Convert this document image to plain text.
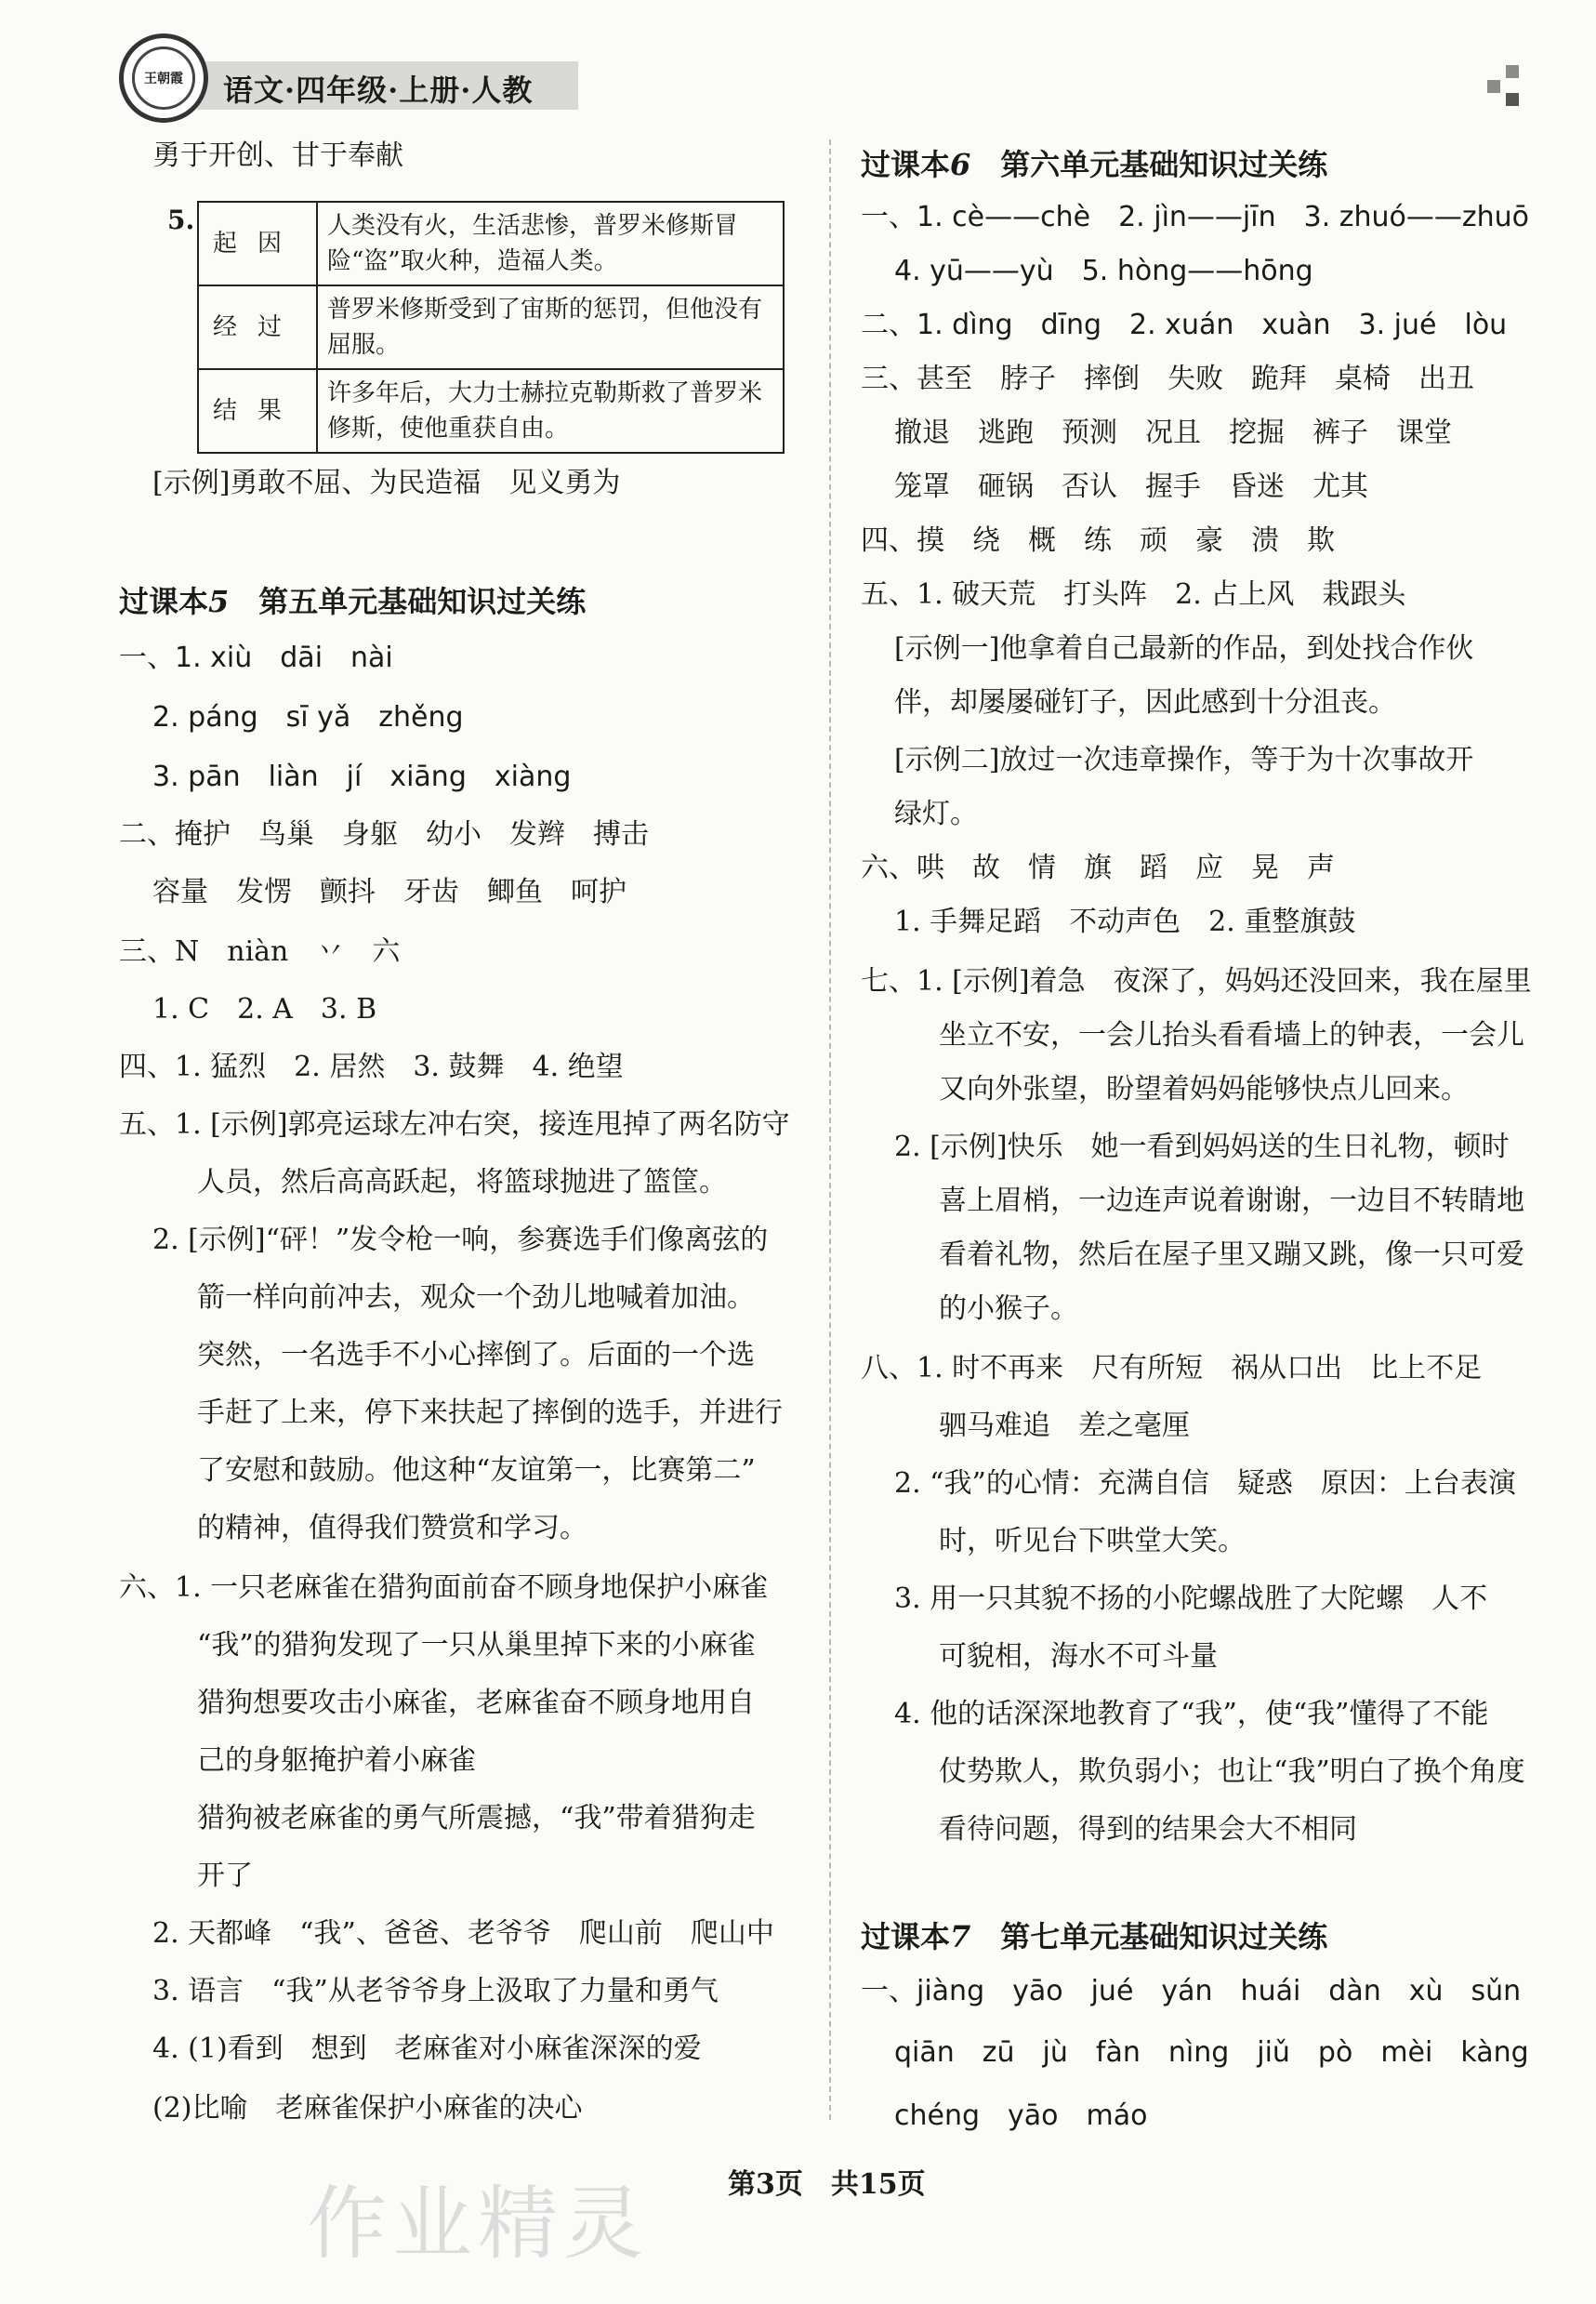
王朝霞 语文·四年级·上册·人教
勇于开创、甘于奉献
5.
起因	人类没有火，生活悲惨，普罗米修斯冒险“盗”取火种，造福人类。
经过	普罗米修斯受到了宙斯的惩罚，但他没有屈服。
结果	许多年后，大力士赫拉克勒斯救了普罗米修斯，使他重获自由。
[示例]勇敢不屈、为民造福　见义勇为
过课本5　第五单元基础知识过关练
一、1. xiù　dāi　nài
2. páng　sī yǎ　zhěng
3. pān　liàn　jí　xiāng　xiàng
二、掩护　鸟巢　身躯　幼小　发辫　搏击
容量　发愣　颤抖　牙齿　鲫鱼　呵护
三、N　niàn　丷　六
1. C　2. A　3. B
四、1. 猛烈　2. 居然　3. 鼓舞　4. 绝望
五、1. [示例]郭亮运球左冲右突，接连甩掉了两名防守
人员，然后高高跃起，将篮球抛进了篮筐。
2. [示例]“砰！”发令枪一响，参赛选手们像离弦的
箭一样向前冲去，观众一个劲儿地喊着加油。
突然，一名选手不小心摔倒了。后面的一个选
手赶了上来，停下来扶起了摔倒的选手，并进行
了安慰和鼓励。他这种“友谊第一，比赛第二”
的精神，值得我们赞赏和学习。
六、1. 一只老麻雀在猎狗面前奋不顾身地保护小麻雀
“我”的猎狗发现了一只从巢里掉下来的小麻雀
猎狗想要攻击小麻雀，老麻雀奋不顾身地用自
己的身躯掩护着小麻雀
猎狗被老麻雀的勇气所震撼，“我”带着猎狗走
开了
2. 天都峰　“我”、爸爸、老爷爷　爬山前　爬山中
3. 语言　“我”从老爷爷身上汲取了力量和勇气
4. (1)看到　想到　老麻雀对小麻雀深深的爱
(2)比喻　老麻雀保护小麻雀的决心
过课本6　第六单元基础知识过关练
一、1. cè——chè　2. jìn——jīn　3. zhuó——zhuō
4. yū——yù　5. hòng——hōng
二、1. dìng　dīng　2. xuán　xuàn　3. jué　lòu
三、甚至　脖子　摔倒　失败　跪拜　桌椅　出丑
撤退　逃跑　预测　况且　挖掘　裤子　课堂
笼罩　砸锅　否认　握手　昏迷　尤其
四、摸　绕　概　练　顽　豪　溃　欺
五、1. 破天荒　打头阵　2. 占上风　栽跟头
[示例一]他拿着自己最新的作品，到处找合作伙
伴，却屡屡碰钉子，因此感到十分沮丧。
[示例二]放过一次违章操作，等于为十次事故开
绿灯。
六、哄　故　情　旗　蹈　应　晃　声
1. 手舞足蹈　不动声色　2. 重整旗鼓
七、1. [示例]着急　夜深了，妈妈还没回来，我在屋里
坐立不安，一会儿抬头看看墙上的钟表，一会儿
又向外张望，盼望着妈妈能够快点儿回来。
2. [示例]快乐　她一看到妈妈送的生日礼物，顿时
喜上眉梢，一边连声说着谢谢，一边目不转睛地
看着礼物，然后在屋子里又蹦又跳，像一只可爱
的小猴子。
八、1. 时不再来　尺有所短　祸从口出　比上不足
驷马难追　差之毫厘
2. “我”的心情：充满自信　疑惑　原因：上台表演
时，听见台下哄堂大笑。
3. 用一只其貌不扬的小陀螺战胜了大陀螺　人不
可貌相，海水不可斗量
4. 他的话深深地教育了“我”，使“我”懂得了不能
仗势欺人，欺负弱小；也让“我”明白了换个角度
看待问题，得到的结果会大不相同
过课本7　第七单元基础知识过关练
一、jiàng　yāo　jué　yán　huái　dàn　xù　sǔn
qiān　zū　jù　fàn　nìng　jiǔ　pò　mèi　kàng
chéng　yāo　máo
作业精灵	第3页　共15页
